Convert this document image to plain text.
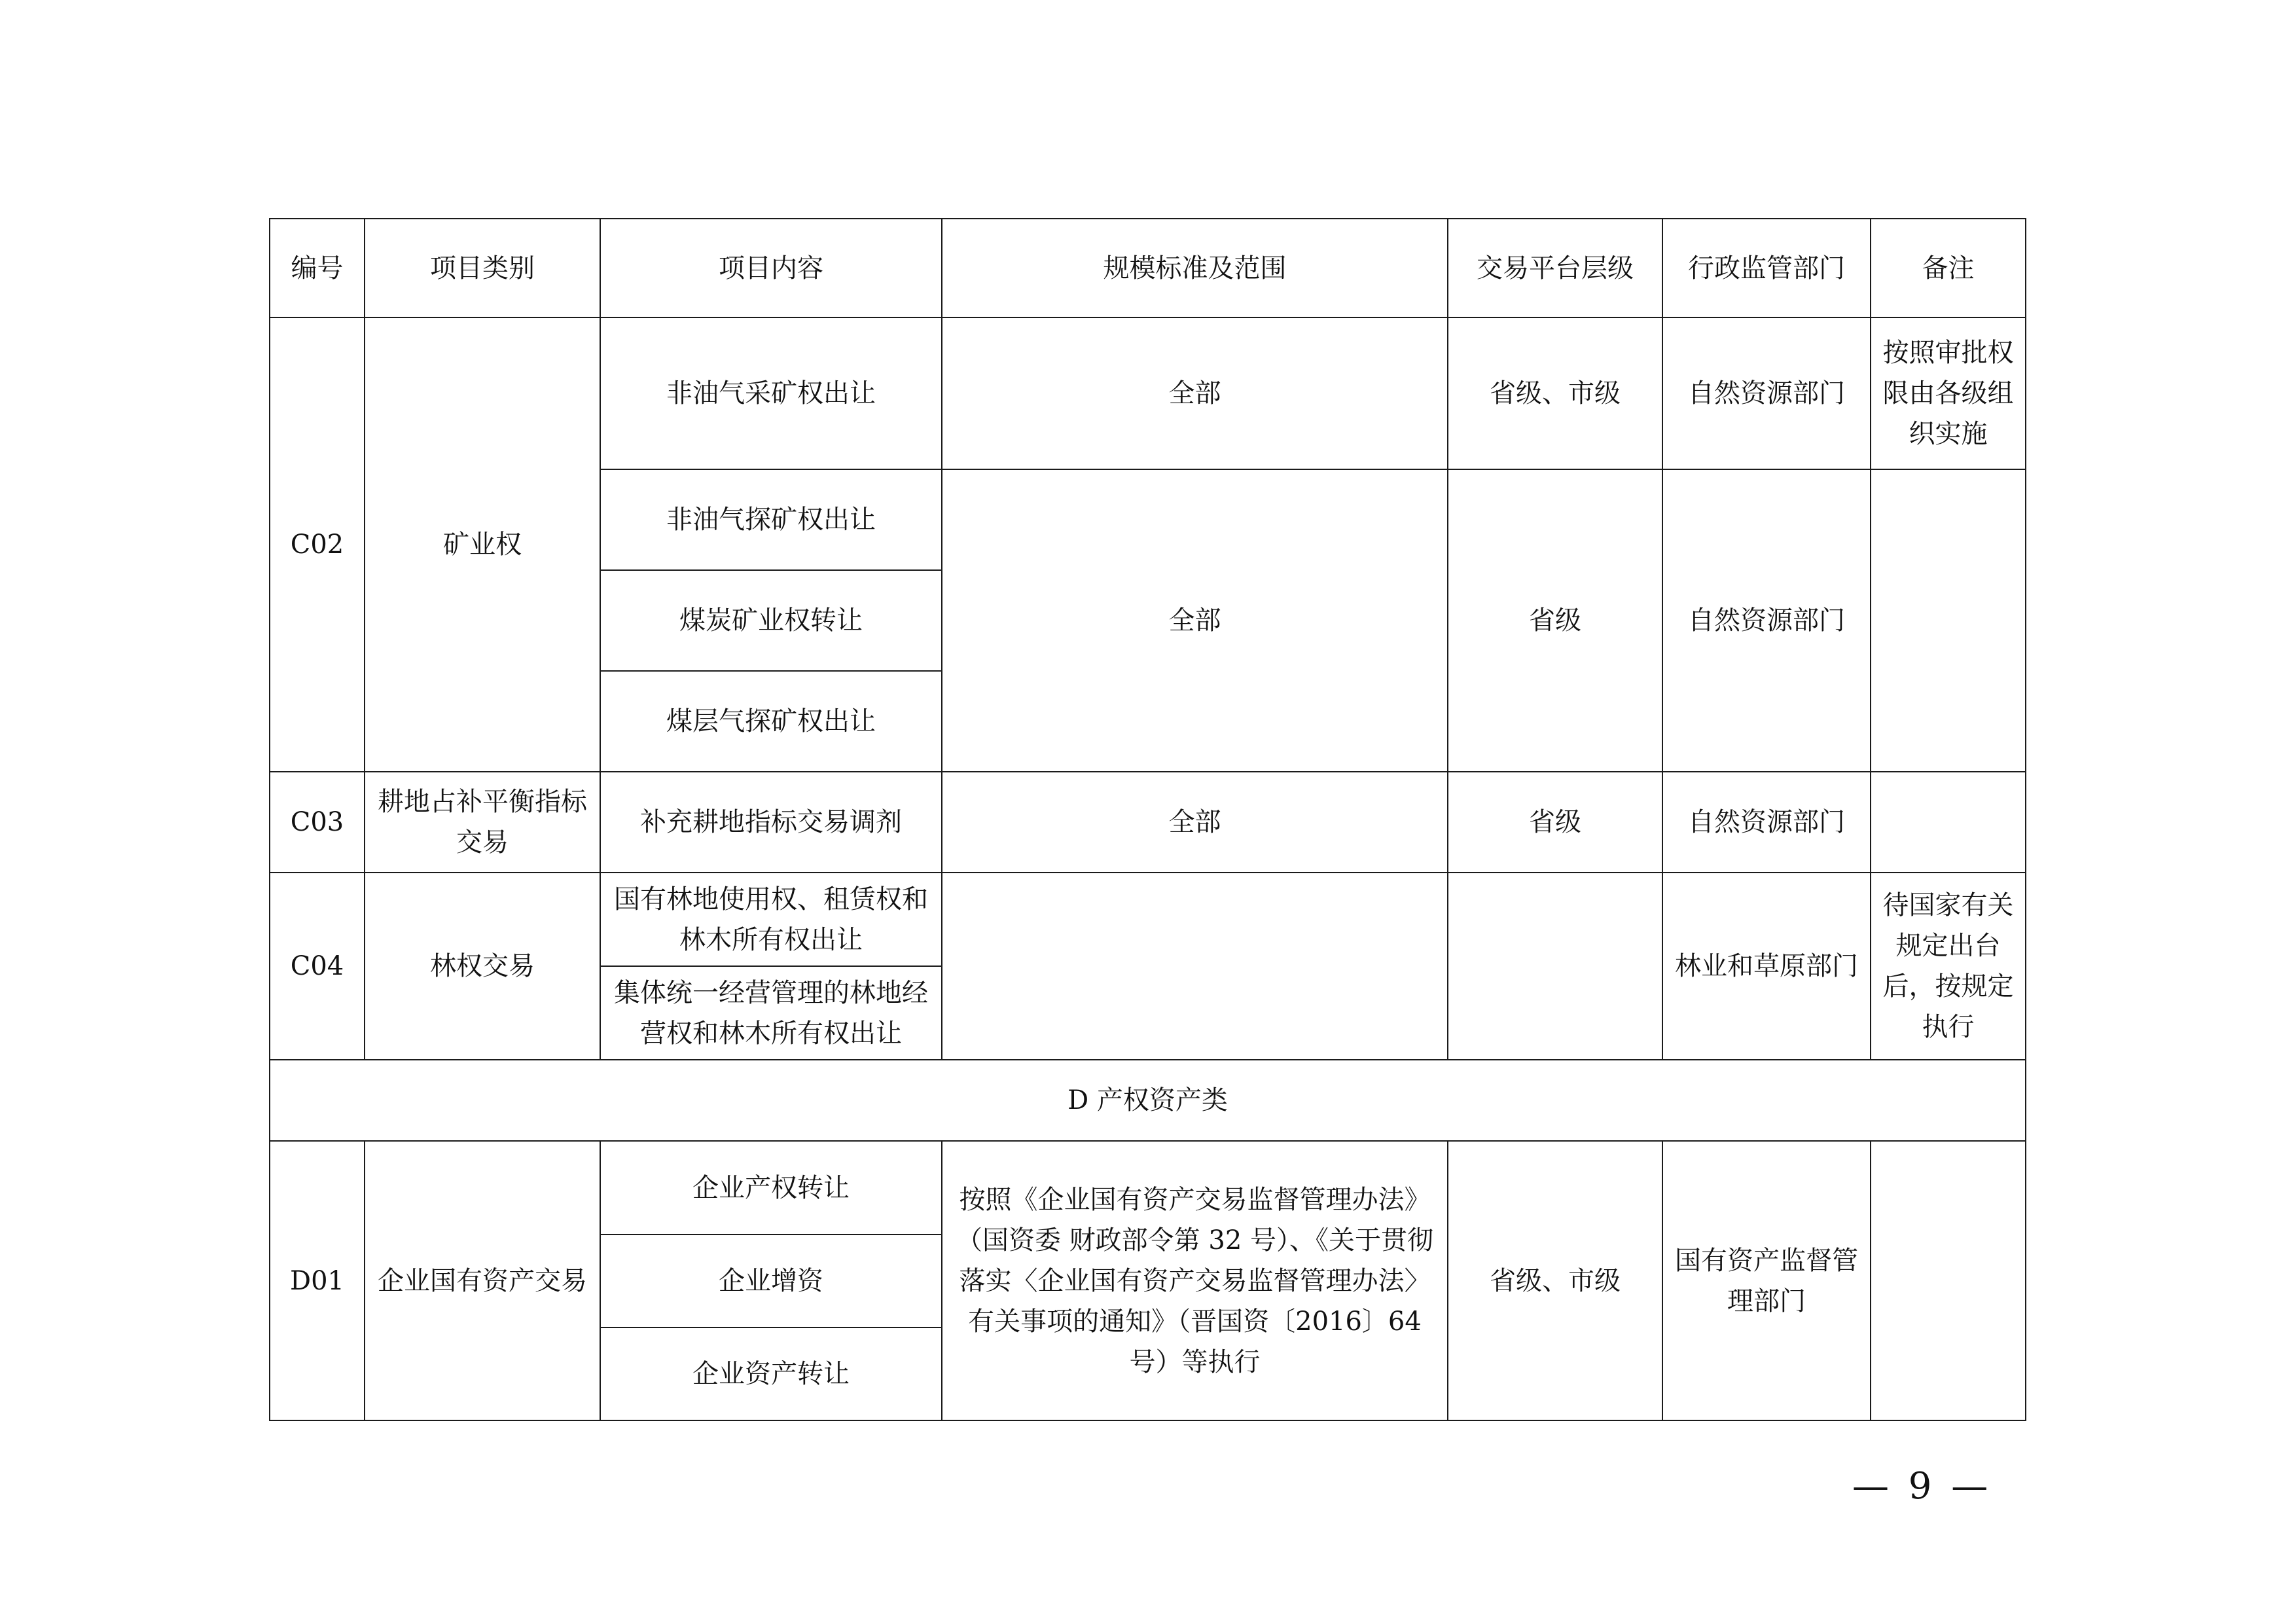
编号	项目类别	项目内容	规模标准及范围	交易平台层级	行政监管部门	备注
C02	矿业权	非油气采矿权出让	全部	省级、市级	自然资源部门	按照审批权限由各级组织实施
		非油气探矿权出让	全部	省级	自然资源部门	
		煤炭矿业权转让				
		煤层气探矿权出让				
C03	耕地占补平衡指标交易	补充耕地指标交易调剂	全部	省级	自然资源部门	
C04	林权交易	国有林地使用权、租赁权和林木所有权出让			林业和草原部门	待国家有关规定出台后，按规定执行
		集体统一经营管理的林地经营权和林木所有权出让				
D 产权资产类						
D01	企业国有资产交易	企业产权转让	按照《企业国有资产交易监督管理办法》（国资委 财政部令第 32 号）、《关于贯彻落实〈企业国有资产交易监督管理办法〉有关事项的通知》（晋国资〔2016〕64 号）等执行	省级、市级	国有资产监督管理部门	
		企业增资				
		企业资产转让				
— 9 —
